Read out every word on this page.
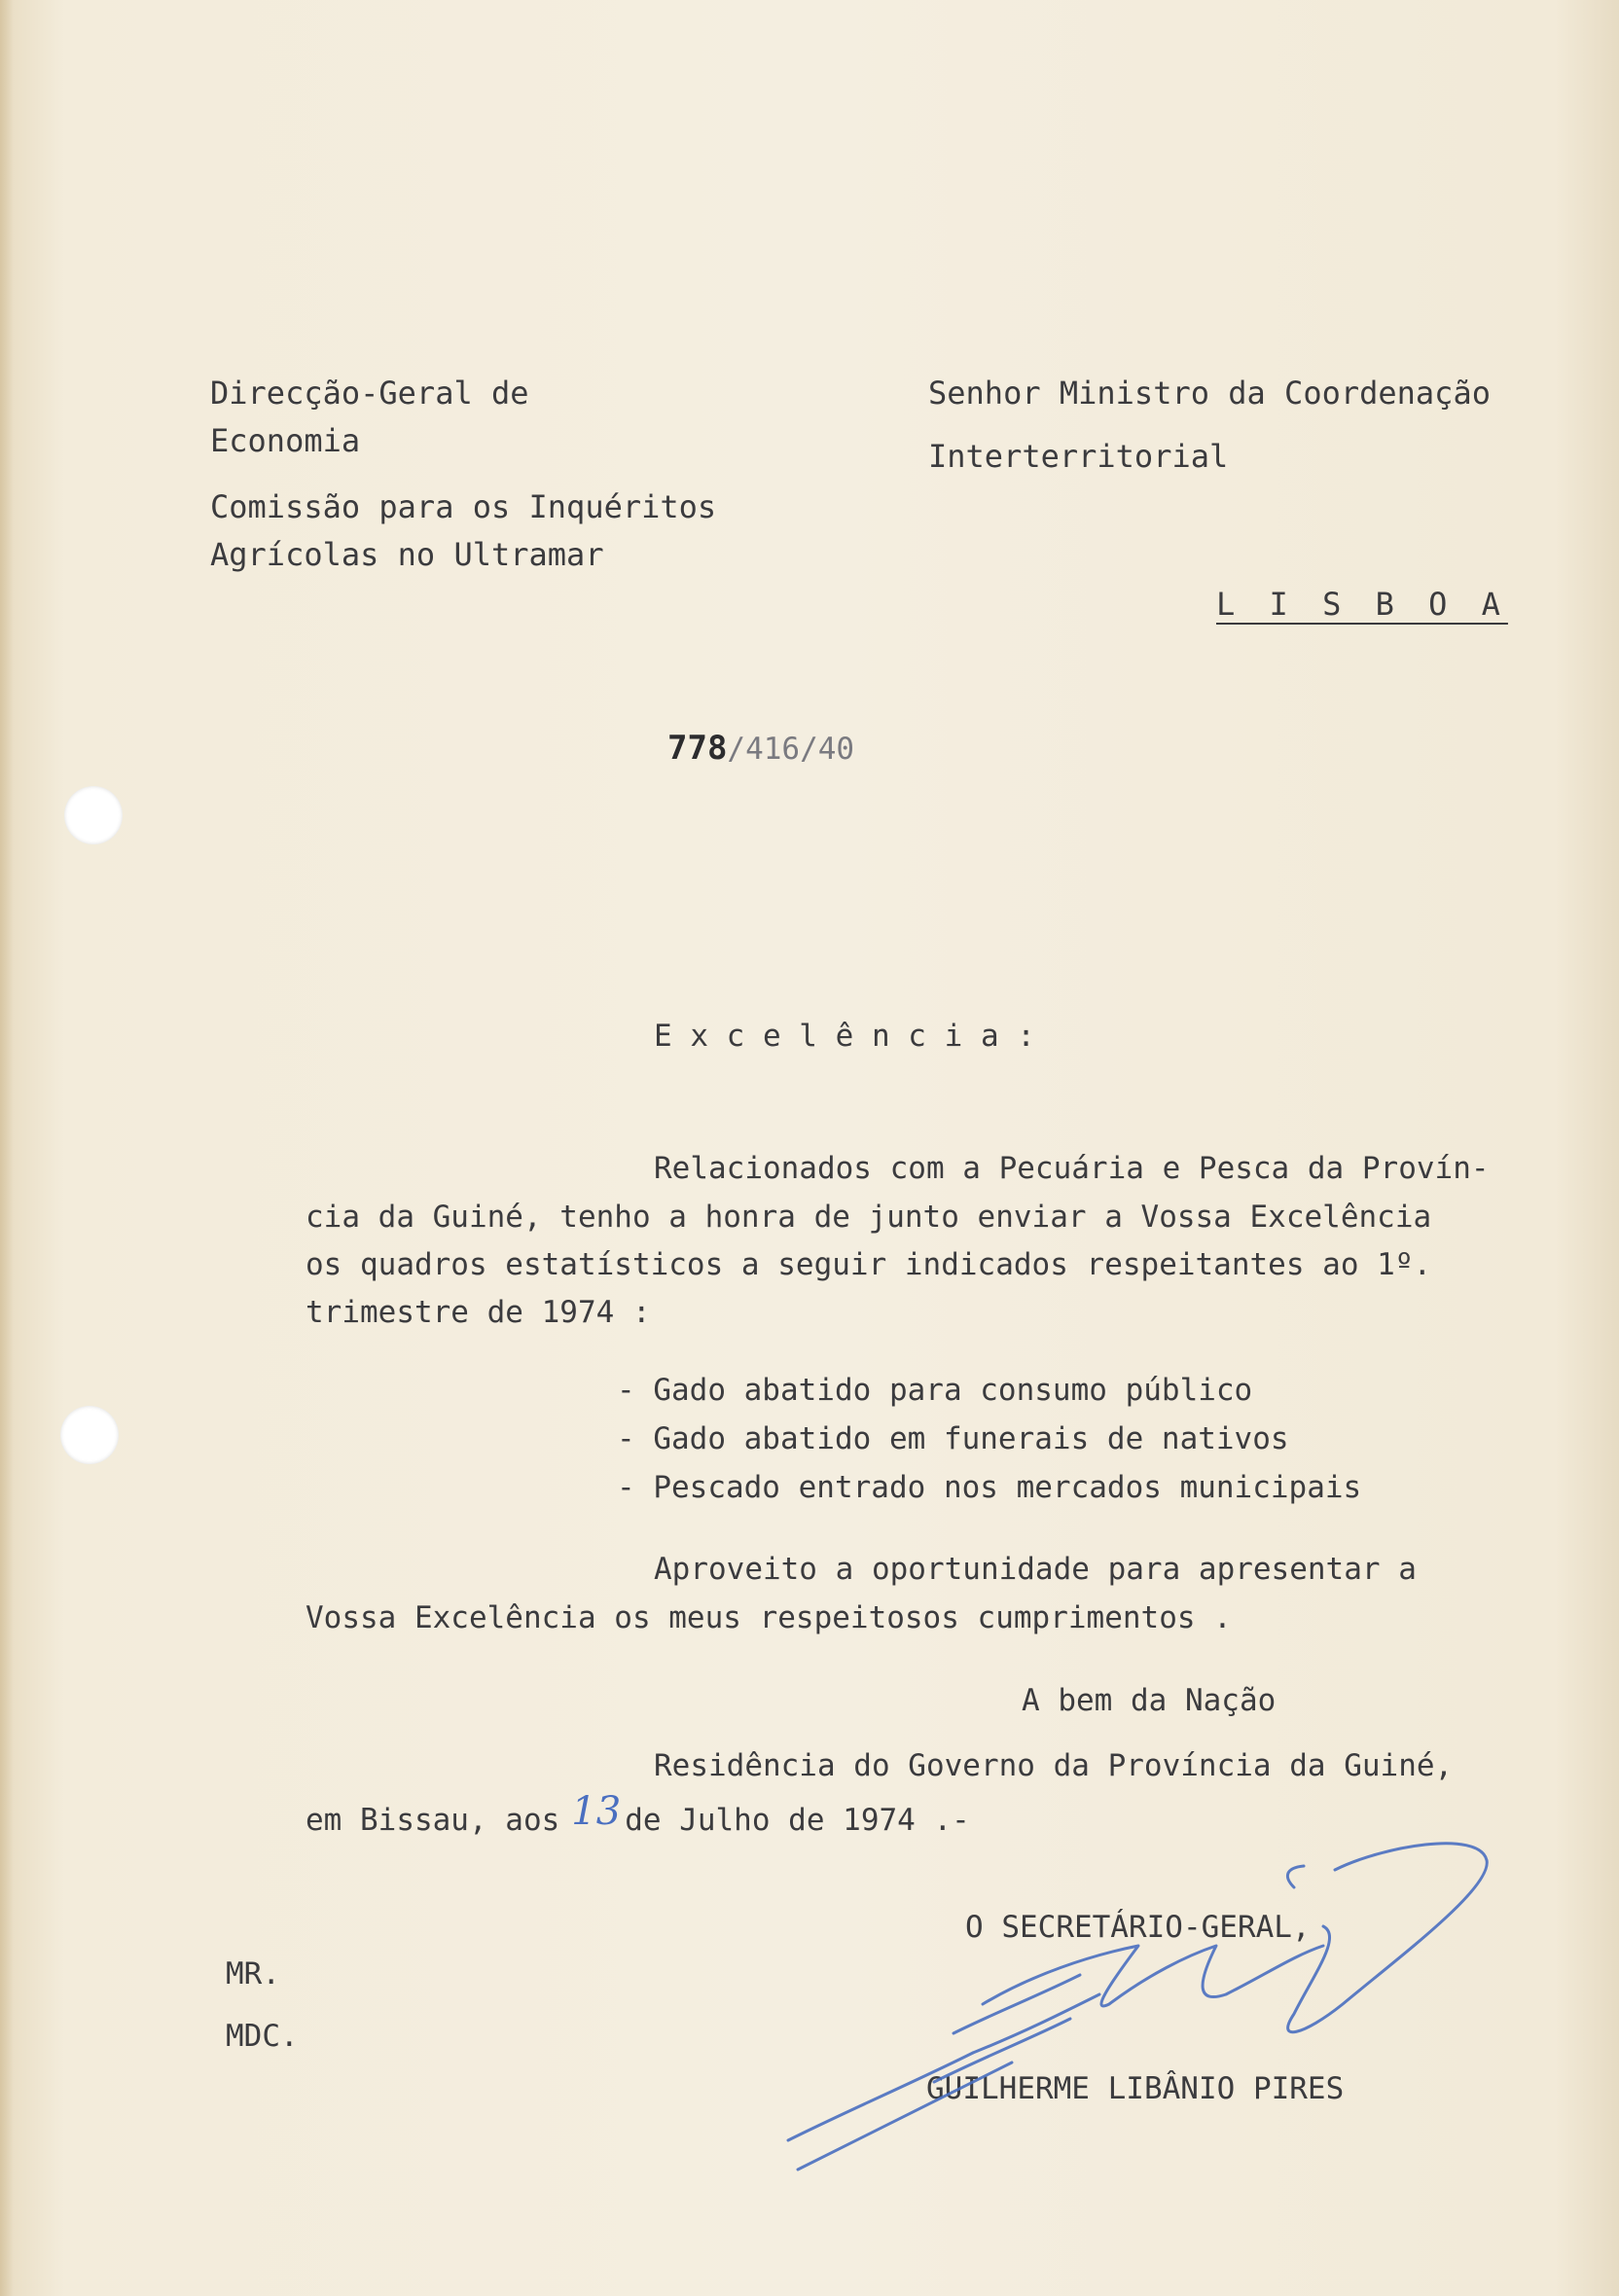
Direcção-Geral de
Economia
Comissão para os Inquéritos
Agrícolas no Ultramar
Senhor Ministro da Coordenação
Interterritorial
L I S B O A
778/416/40
E x c e l ê n c i a :
Relacionados com a Pecuária e Pesca da Provín-
cia da Guiné, tenho a honra de junto enviar a Vossa Excelência
os quadros estatísticos a seguir indicados respeitantes ao 1º.
trimestre de 1974 :
- Gado abatido para consumo público
- Gado abatido em funerais de nativos
- Pescado entrado nos mercados municipais
Aproveito a oportunidade para apresentar a
Vossa Excelência os meus respeitosos cumprimentos .
A bem da Nação
Residência do Governo da Província da Guiné,
em Bissau, aos 13 de Julho de 1974 .-
O SECRETÁRIO-GERAL,
GUILHERME LIBÂNIO PIRES
MR.
MDC.
